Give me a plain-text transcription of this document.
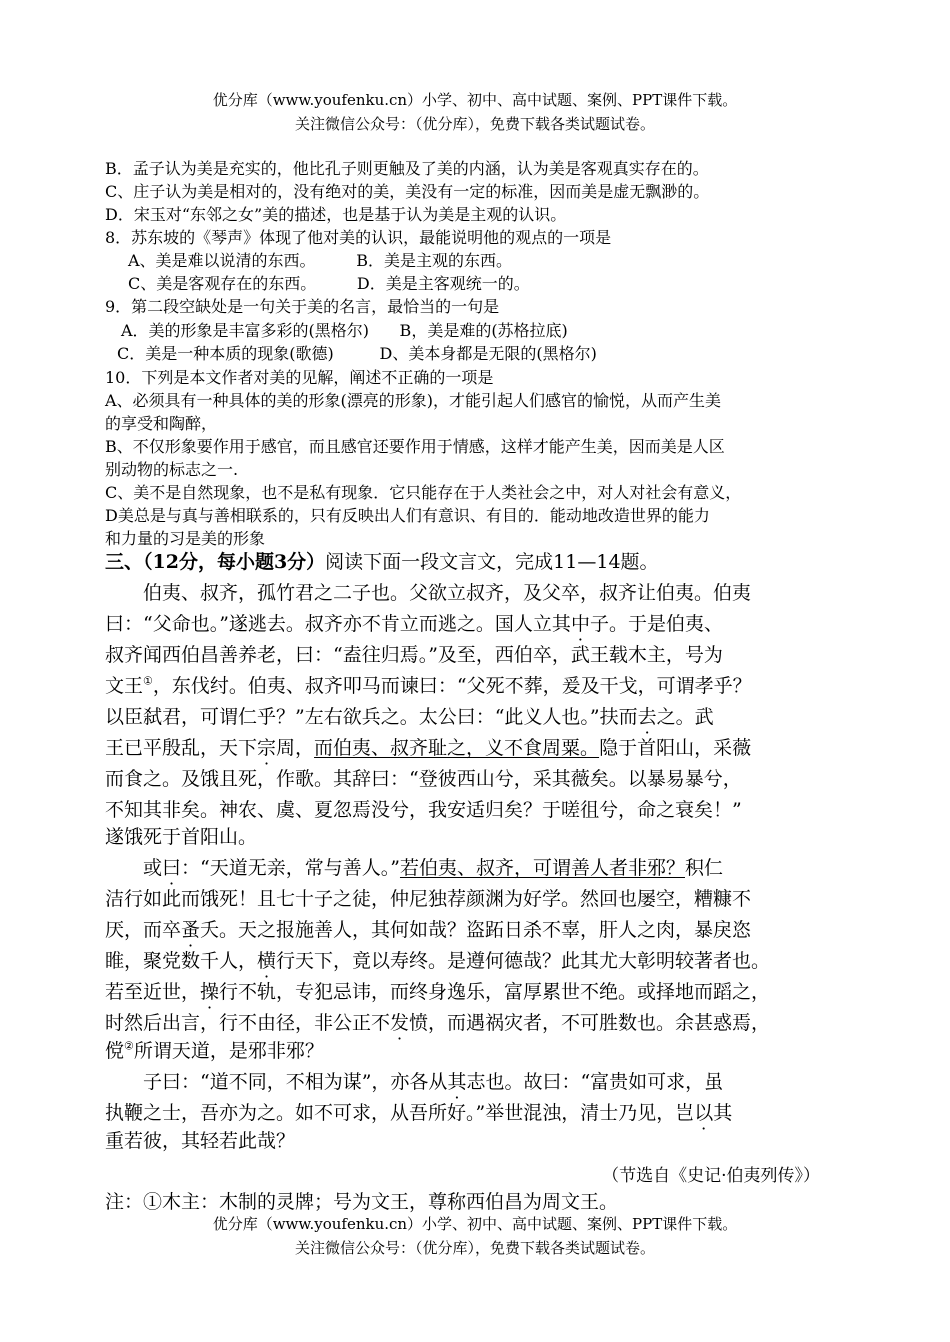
优分库（www.youfenku.cn）小学、初中、高中试题、案例、PPT课件下载。
关注微信公众号：（优分库），免费下载各类试题试卷。
B．孟子认为美是充实的，他比孔子则更触及了美的内涵，认为美是客观真实存在的。
C、庄子认为美是相对的，没有绝对的美，美没有一定的标准，因而美是虚无飘渺的。
D．宋玉对“东邻之女”美的描述，也是基于认为美是主观的认识。
8．苏东坡的《琴声》体现了他对美的认识，最能说明他的观点的一项是
A、美是难以说清的东西。        B．美是主观的东西。
C、美是客观存在的东西。        D．美是主客观统一的。
9．第二段空缺处是一句关于美的名言，最恰当的一句是
A．美的形象是丰富多彩的(黑格尔)      B，美是难的(苏格拉底)
C．美是一种本质的现象(歌德)         D、美本身都是无限的(黑格尔)
10．下列是本文作者对美的见解，阐述不正确的一项是
A、必须具有一种具体的美的形象(漂亮的形象)，才能引起人们感官的愉悦，从而产生美
的享受和陶醉，
B、不仅形象要作用于感官，而且感官还要作用于情感，这样才能产生美，因而美是人区
别动物的标志之一.
C、美不是自然现象，也不是私有现象．它只能存在于人类社会之中，对人对社会有意义，
D美总是与真与善相联系的，只有反映出人们有意识、有目的．能动地改造世界的能力
和力量的习是美的形象
三、（12分，每小题3分）阅读下面一段文言文，完成11—14题。
伯夷、叔齐，孤竹君之二子也。父欲立叔齐，及父卒，叔齐让伯夷。伯夷
曰：“父命也。”遂逃去。叔齐亦不肯立而逃之。国人立其中子。于是伯夷、
叔齐闻西伯昌善养老，曰：“盍往归焉。”及至，西伯卒，武王载木主，号为
文王①，东伐纣。伯夷、叔齐叩马而谏曰：“父死不葬，爰及干戈，可谓孝乎？
以臣弑君，可谓仁乎？”左右欲兵之。太公曰：“此义人也。”扶而去之。武
王已平殷乱，天下宗周，而伯夷、叔齐耻之，义不食周粟。隐于首阳山，采薇
而食之。及饿且死，作歌。其辞曰：“登彼西山兮，采其薇矣。以暴易暴兮，
不知其非矣。神农、虞、夏忽焉没兮，我安适归矣？于嗟徂兮，命之衰矣！”
遂饿死于首阳山。
或曰：“天道无亲，常与善人。”若伯夷、叔齐，可谓善人者非邪？积仁
洁行如此而饿死！且七十子之徒，仲尼独荐颜渊为好学。然回也屡空，糟糠不
厌，而卒蚤夭。天之报施善人，其何如哉？盗跖日杀不辜，肝人之肉，暴戾恣
睢，聚党数千人，横行天下，竟以寿终。是遵何德哉？此其尤大彰明较著者也。
若至近世，操行不轨，专犯忌讳，而终身逸乐，富厚累世不绝。或择地而蹈之，
时然后出言，行不由径，非公正不发愤，而遇祸灾者，不可胜数也。余甚惑焉，
傥②所谓天道，是邪非邪？
子曰：“道不同，不相为谋”，亦各从其志也。故曰：“富贵如可求，虽
执鞭之士，吾亦为之。如不可求，从吾所好。”举世混浊，清士乃见，岂以其
重若彼，其轻若此哉？
（节选自《史记·伯夷列传》）
注：①木主：木制的灵牌；号为文王，尊称西伯昌为周文王。
优分库（www.youfenku.cn）小学、初中、高中试题、案例、PPT课件下载。
关注微信公众号：（优分库），免费下载各类试题试卷。
